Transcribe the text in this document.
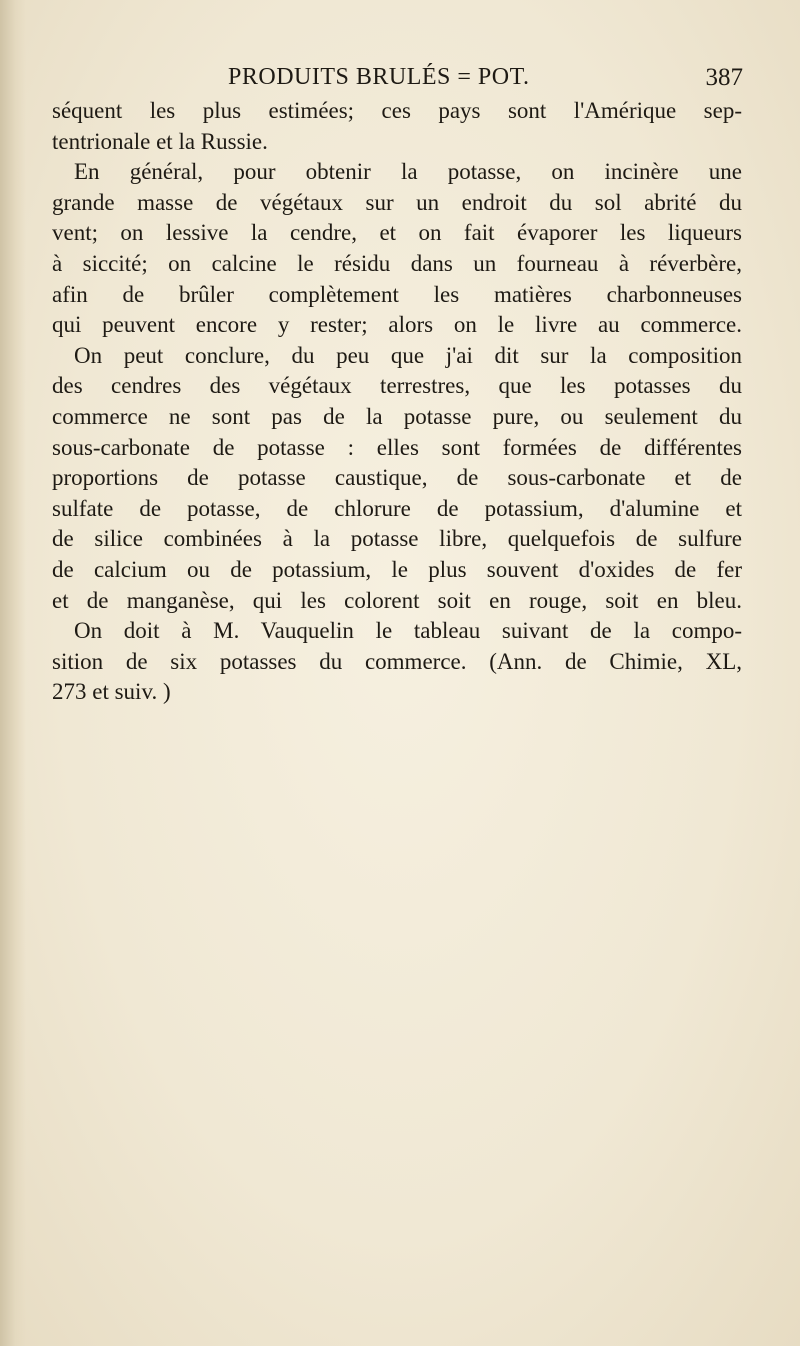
PRODUITS BRULÉS = POT.	387
séquent les plus estimées; ces pays sont l'Amérique sep-
tentrionale et la Russie.
En général, pour obtenir la potasse, on incinère une
grande masse de végétaux sur un endroit du sol abrité du
vent; on lessive la cendre, et on fait évaporer les liqueurs
à siccité; on calcine le résidu dans un fourneau à réverbère,
afin de brûler complètement les matières charbonneuses
qui peuvent encore y rester; alors on le livre au commerce.
On peut conclure, du peu que j'ai dit sur la composition
des cendres des végétaux terrestres, que les potasses du
commerce ne sont pas de la potasse pure, ou seulement du
sous-carbonate de potasse : elles sont formées de différentes
proportions de potasse caustique, de sous-carbonate et de
sulfate de potasse, de chlorure de potassium, d'alumine et
de silice combinées à la potasse libre, quelquefois de sulfure
de calcium ou de potassium, le plus souvent d'oxides de fer
et de manganèse, qui les colorent soit en rouge, soit en bleu.
On doit à M. Vauquelin le tableau suivant de la compo-
sition de six potasses du commerce. (Ann. de Chimie, XL,
273 et suiv. )
